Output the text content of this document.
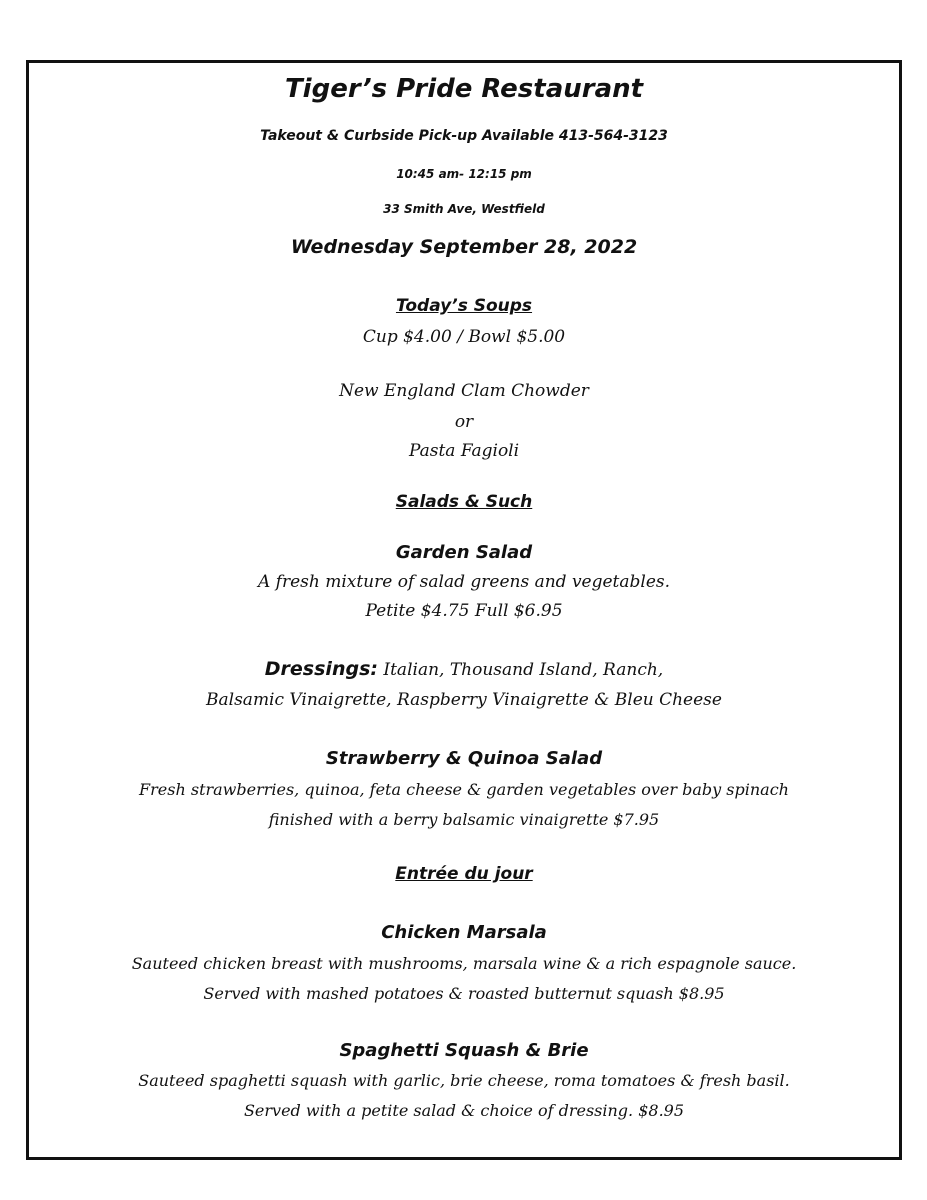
Tiger’s Pride Restaurant
Takeout & Curbside Pick-up Available 413-564-3123
10:45 am- 12:15 pm
33 Smith Ave, Westfield
Wednesday September 28, 2022
Today’s Soups
Cup $4.00 / Bowl $5.00
New England Clam Chowder
or
Pasta Fagioli
Salads & Such
Garden Salad
A fresh mixture of salad greens and vegetables.
Petite $4.75 Full $6.95
Dressings: Italian, Thousand Island, Ranch,
Balsamic Vinaigrette, Raspberry Vinaigrette & Bleu Cheese
Strawberry & Quinoa Salad
Fresh strawberries, quinoa, feta cheese & garden vegetables over baby spinach
finished with a berry balsamic vinaigrette $7.95
Entrée du jour
Chicken Marsala
Sauteed chicken breast with mushrooms, marsala wine & a rich espagnole sauce.
Served with mashed potatoes & roasted butternut squash $8.95
Spaghetti Squash & Brie
Sauteed spaghetti squash with garlic, brie cheese, roma tomatoes & fresh basil.
Served with a petite salad & choice of dressing. $8.95
